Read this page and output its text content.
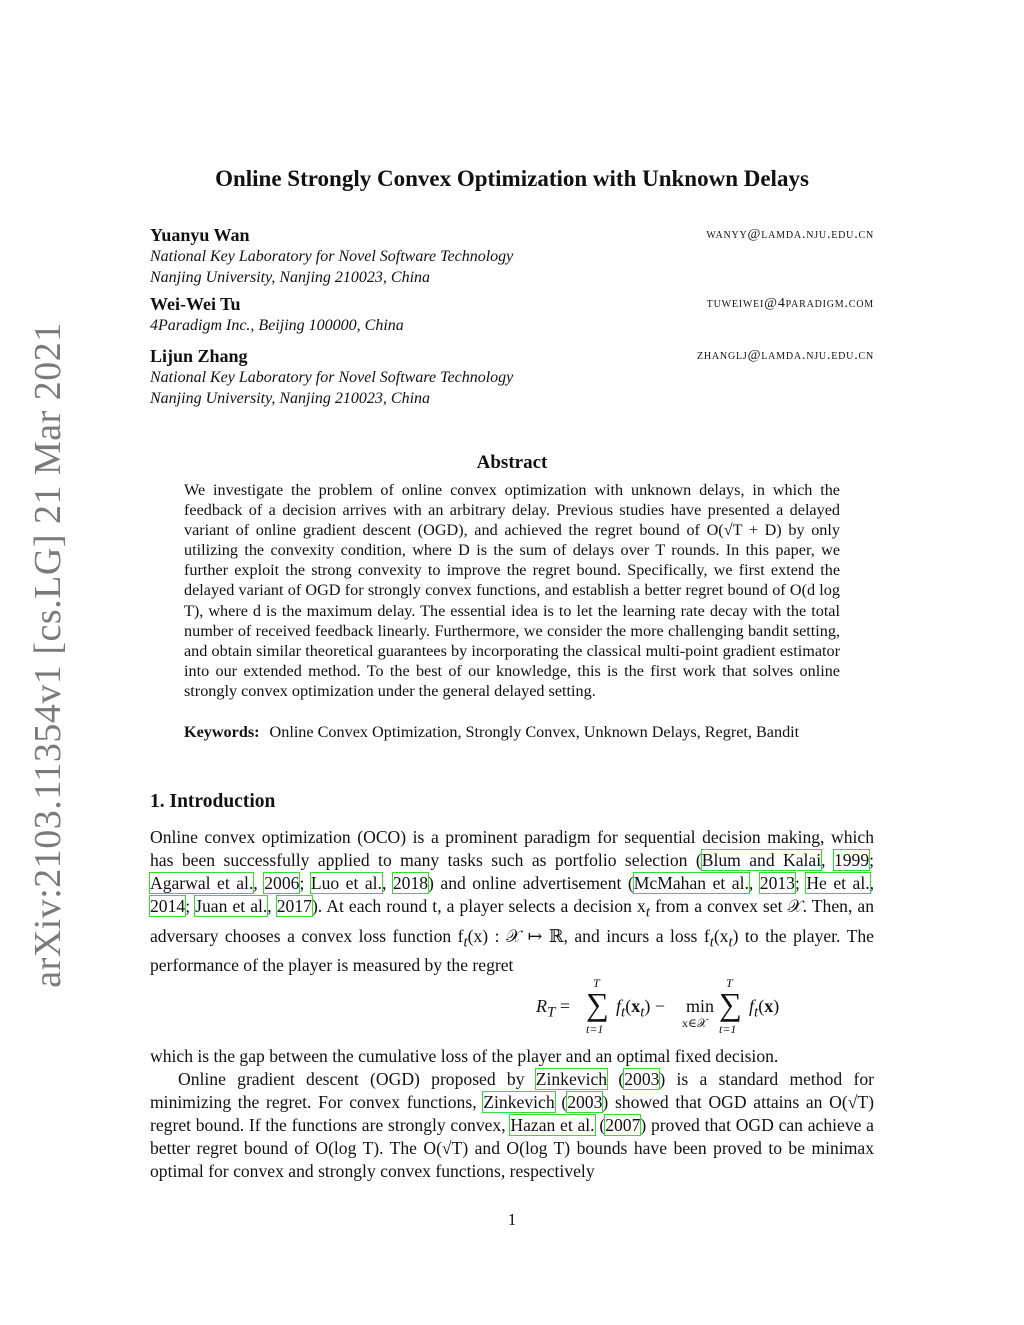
arXiv:2103.11354v1 [cs.LG] 21 Mar 2021
Online Strongly Convex Optimization with Unknown Delays
Yuanyu Wan	wanyy@lamda.nju.edu.cn
National Key Laboratory for Novel Software Technology
Nanjing University, Nanjing 210023, China
Wei-Wei Tu	tuweiwei@4paradigm.com
4Paradigm Inc., Beijing 100000, China
Lijun Zhang	zhanglj@lamda.nju.edu.cn
National Key Laboratory for Novel Software Technology
Nanjing University, Nanjing 210023, China
Abstract
We investigate the problem of online convex optimization with unknown delays, in which the feedback of a decision arrives with an arbitrary delay. Previous studies have presented a delayed variant of online gradient descent (OGD), and achieved the regret bound of O(√T + D) by only utilizing the convexity condition, where D is the sum of delays over T rounds. In this paper, we further exploit the strong convexity to improve the regret bound. Specifically, we first extend the delayed variant of OGD for strongly convex functions, and establish a better regret bound of O(d log T), where d is the maximum delay. The essential idea is to let the learning rate decay with the total number of received feedback linearly. Furthermore, we consider the more challenging bandit setting, and obtain similar theoretical guarantees by incorporating the classical multi-point gradient estimator into our extended method. To the best of our knowledge, this is the first work that solves online strongly convex optimization under the general delayed setting.
Keywords: Online Convex Optimization, Strongly Convex, Unknown Delays, Regret, Bandit
1. Introduction
Online convex optimization (OCO) is a prominent paradigm for sequential decision making, which has been successfully applied to many tasks such as portfolio selection (Blum and Kalai, 1999; Agarwal et al., 2006; Luo et al., 2018) and online advertisement (McMahan et al., 2013; He et al., 2014; Juan et al., 2017). At each round t, a player selects a decision $x_t$ from a convex set 𝒳. Then, an adversary chooses a convex loss function $f_t(x)$ : 𝒳 ↦ ℝ, and incurs a loss $f_t(x_t)$ to the player. The performance of the player is measured by the regret
$R_T$ =
T
∑
t=1
$f_t(x_t) - \min$
x∈𝒳
T
∑
t=1
$f_t(x)$
which is the gap between the cumulative loss of the player and an optimal fixed decision.
Online gradient descent (OGD) proposed by Zinkevich (2003) is a standard method for minimizing the regret. For convex functions, Zinkevich (2003) showed that OGD attains an O(√T) regret bound. If the functions are strongly convex, Hazan et al. (2007) proved that OGD can achieve a better regret bound of O(log T). The O(√T) and O(log T) bounds have been proved to be minimax optimal for convex and strongly convex functions, respectively
1
